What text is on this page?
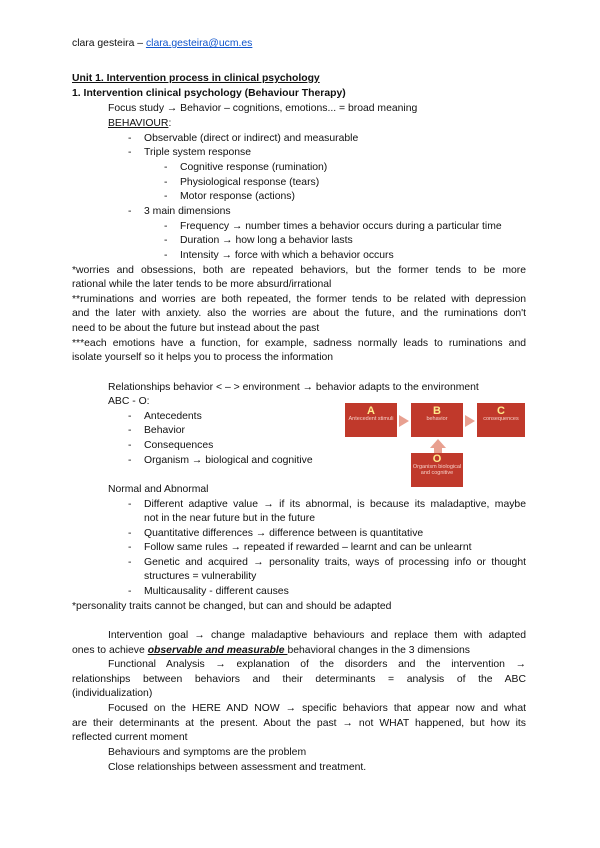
clara gesteira – clara.gesteira@ucm.es
Unit 1. Intervention process in clinical psychology
1. Intervention clinical psychology (Behaviour Therapy)
Focus study → Behavior – cognitions, emotions... = broad meaning
BEHAVIOUR:
- Observable (direct or indirect) and measurable
- Triple system response
- Cognitive response (rumination)
- Physiological response (tears)
- Motor response (actions)
- 3 main dimensions
- Frequency → number times a behavior occurs during a particular time
- Duration → how long a behavior lasts
- Intensity → force with which a behavior occurs
*worries and obsessions, both are repeated behaviors, but the former tends to be more
rational while the later tends to be more absurd/irrational
**ruminations and worries are both repeated, the former tends to be related with depression
and the later with anxiety. also the worries are about the future, and the ruminations don't
need to be about the future but instead about the past
***each emotions have a function, for example, sadness normally leads to ruminations and
isolate yourself so it helps you to process the information
Relationships behavior < – > environment → behavior adapts to the environment
ABC - O:
- Antecedents
- Behavior
- Consequences
- Organism → biological and cognitive
A
Antecedent stimuli
B
behavior
C
consequences
O
Organism biological and cognitive
Normal and Abnormal
- Different adaptive value → if its abnormal, is because its maladaptive, maybe
not in the near future but in the future
- Quantitative differences → difference between is quantitative
- Follow same rules → repeated if rewarded – learnt and can be unlearnt
- Genetic and acquired → personality traits, ways of processing info or thought
structures = vulnerability
- Multicausality - different causes
*personality traits cannot be changed, but can and should be adapted
Intervention goal → change maladaptive behaviours and replace them with adapted
ones to achieve observable and measurable behavioral changes in the 3 dimensions
Functional Analysis → explanation of the disorders and the intervention →
relationships between behaviors and their determinants = analysis of the ABC
(individualization)
Focused on the HERE AND NOW → specific behaviors that appear now and what
are their determinants at the present. About the past → not WHAT happened, but how its
reflected current moment
Behaviours and symptoms are the problem
Close relationships between assessment and treatment.
